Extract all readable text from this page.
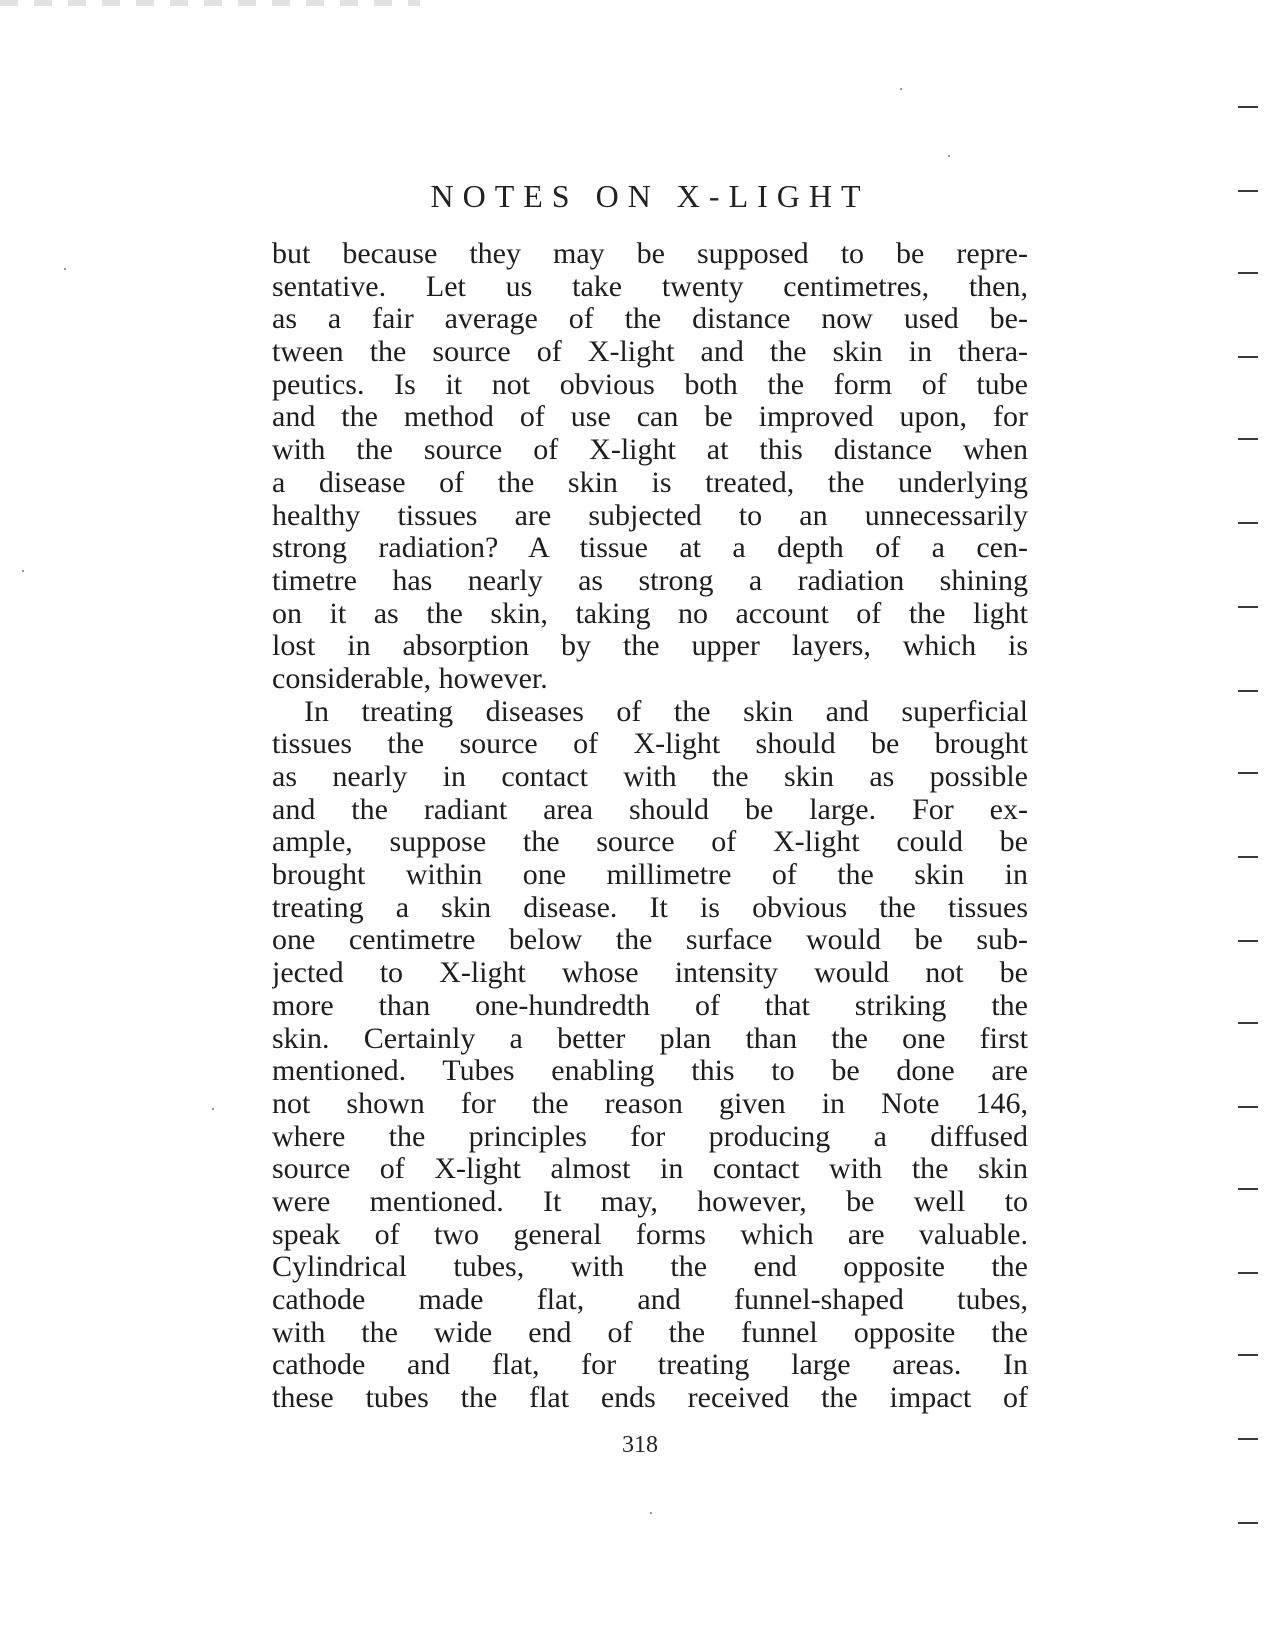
NOTES ON X-LIGHT
but because they may be supposed to be repre-
sentative. Let us take twenty centimetres, then,
as a fair average of the distance now used be-
tween the source of X-light and the skin in thera-
peutics. Is it not obvious both the form of tube
and the method of use can be improved upon, for
with the source of X-light at this distance when
a disease of the skin is treated, the underlying
healthy tissues are subjected to an unnecessarily
strong radiation? A tissue at a depth of a cen-
timetre has nearly as strong a radiation shining
on it as the skin, taking no account of the light
lost in absorption by the upper layers, which is
considerable, however.
In treating diseases of the skin and superficial
tissues the source of X-light should be brought
as nearly in contact with the skin as possible
and the radiant area should be large. For ex-
ample, suppose the source of X-light could be
brought within one millimetre of the skin in
treating a skin disease. It is obvious the tissues
one centimetre below the surface would be sub-
jected to X-light whose intensity would not be
more than one-hundredth of that striking the
skin. Certainly a better plan than the one first
mentioned. Tubes enabling this to be done are
not shown for the reason given in Note 146,
where the principles for producing a diffused
source of X-light almost in contact with the skin
were mentioned. It may, however, be well to
speak of two general forms which are valuable.
Cylindrical tubes, with the end opposite the
cathode made flat, and funnel-shaped tubes,
with the wide end of the funnel opposite the
cathode and flat, for treating large areas. In
these tubes the flat ends received the impact of
318
